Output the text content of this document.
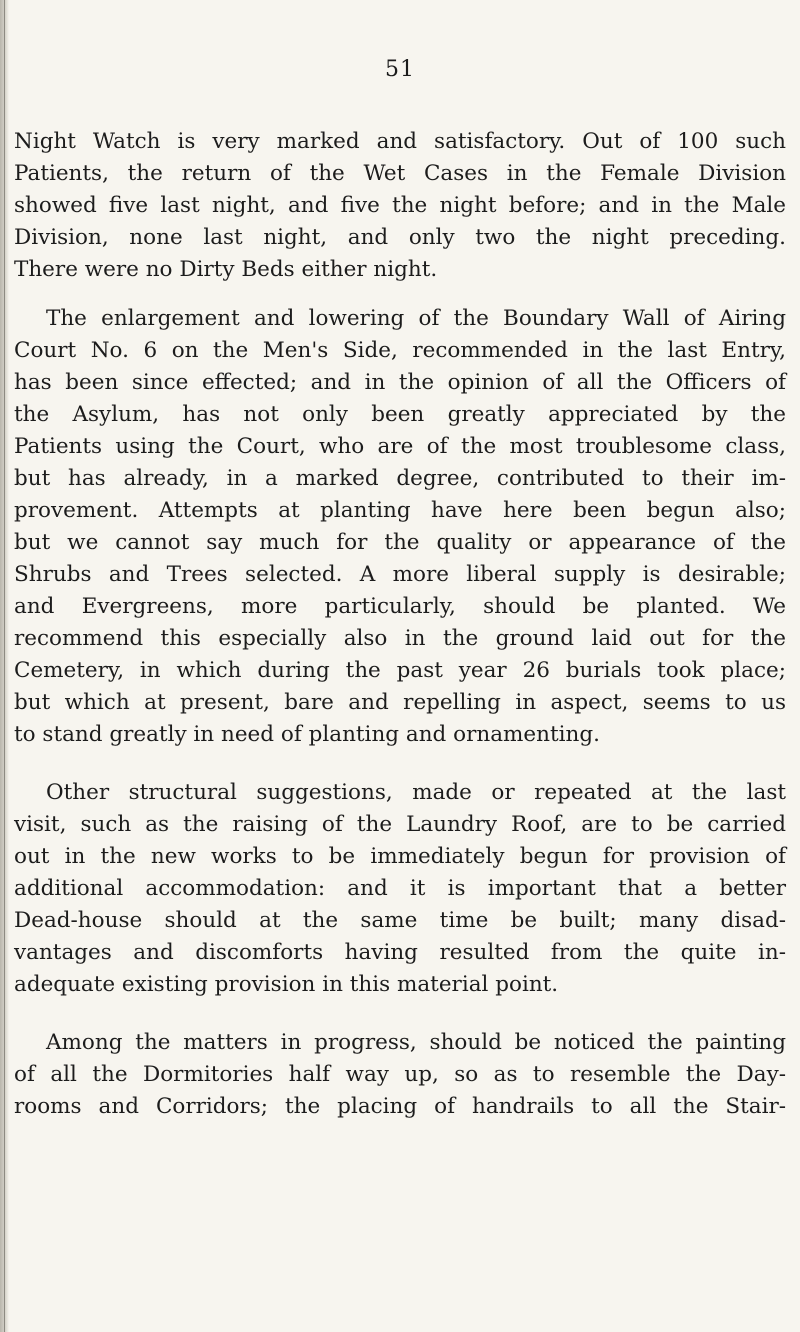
51
Night Watch is very marked and satisfactory. Out of 100 such
Patients, the return of the Wet Cases in the Female Division
showed five last night, and five the night before; and in the Male
Division, none last night, and only two the night preceding.
There were no Dirty Beds either night.
The enlargement and lowering of the Boundary Wall of Airing
Court No. 6 on the Men's Side, recommended in the last Entry,
has been since effected; and in the opinion of all the Officers of
the Asylum, has not only been greatly appreciated by the
Patients using the Court, who are of the most troublesome class,
but has already, in a marked degree, contributed to their im-
provement. Attempts at planting have here been begun also;
but we cannot say much for the quality or appearance of the
Shrubs and Trees selected. A more liberal supply is desirable;
and Evergreens, more particularly, should be planted. We
recommend this especially also in the ground laid out for the
Cemetery, in which during the past year 26 burials took place;
but which at present, bare and repelling in aspect, seems to us
to stand greatly in need of planting and ornamenting.
Other structural suggestions, made or repeated at the last
visit, such as the raising of the Laundry Roof, are to be carried
out in the new works to be immediately begun for provision of
additional accommodation: and it is important that a better
Dead-house should at the same time be built; many disad-
vantages and discomforts having resulted from the quite in-
adequate existing provision in this material point.
Among the matters in progress, should be noticed the painting
of all the Dormitories half way up, so as to resemble the Day-
rooms and Corridors; the placing of handrails to all the Stair-
